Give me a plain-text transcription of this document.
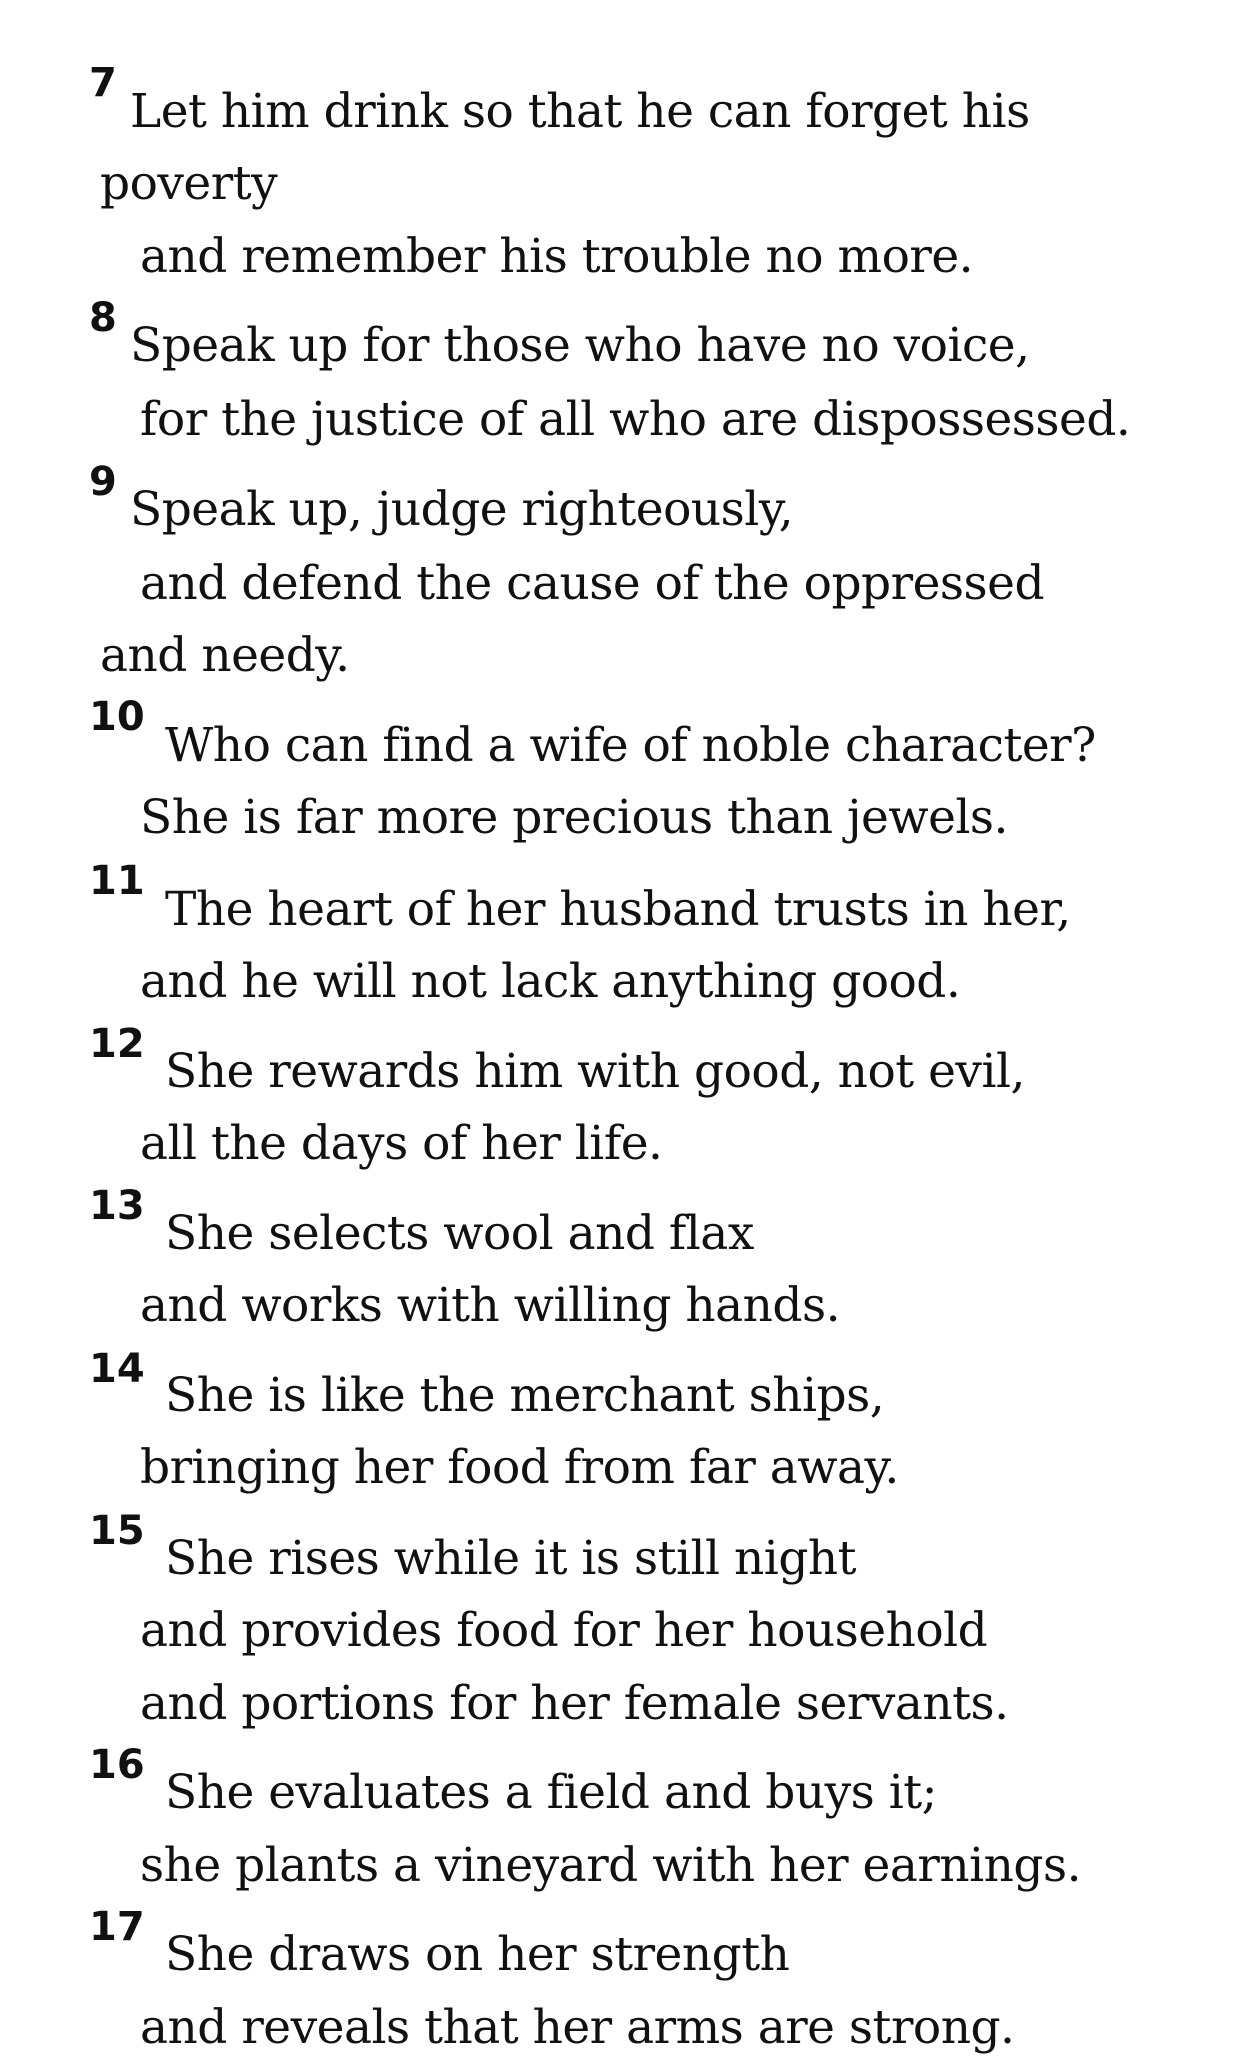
7
Let him drink so that he can forget his
poverty
and remember his trouble no more.
8 Speak up for those who have no voice,
for the justice of all who are dispossessed.
9 Speak up, judge righteously,
and defend the cause of the oppressed
and needy.
10
Who can find a wife of noble character?
She is far more precious than jewels.
11
The heart of her husband trusts in her,
and he will not lack anything good.
12 She rewards him with good, not evil,
all the days of her life.
13 She selects wool and flax
and works with willing hands.
14 She is like the merchant ships,
bringing her food from far away.
15 She rises while it is still night
and provides food for her household
and portions for her female servants.
16 She evaluates a field and buys it;
she plants a vineyard with her earnings.
17 She draws on her strength
and reveals that her arms are strong.
